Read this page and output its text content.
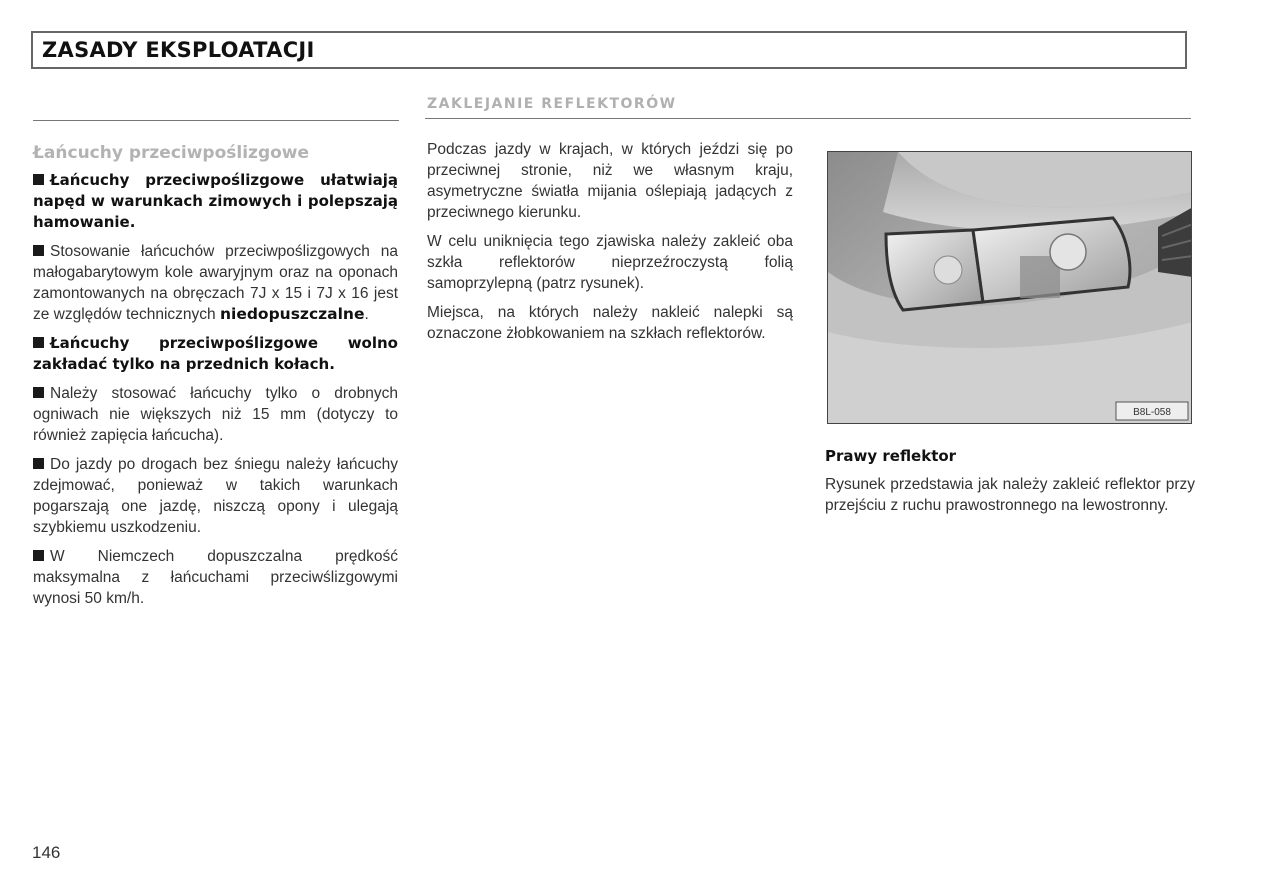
ZASADY EKSPLOATACJI
ZAKLEJANIE REFLEKTORÓW
Łańcuchy przeciwpoślizgowe

Łańcuchy przeciwpoślizgowe ułatwiają napęd w warunkach zimowych i polepszają hamowanie.

Stosowanie łańcuchów przeciwpoślizgowych na małogabarytowym kole awaryjnym oraz na oponach zamontowanych na obręczach 7J x 15 i 7J x 16 jest ze względów technicznych niedopuszczalne.

Łańcuchy przeciwpoślizgowe wolno zakładać tylko na przednich kołach.

Należy stosować łańcuchy tylko o drobnych ogniwach nie większych niż 15 mm (dotyczy to również zapięcia łańcucha).

Do jazdy po drogach bez śniegu należy łańcuchy zdejmować, ponieważ w takich warunkach pogarszają one jazdę, niszczą opony i ulegają szybkiemu uszkodzeniu.

W Niemczech dopuszczalna prędkość maksymalna z łańcuchami przeciwślizgowymi wynosi 50 km/h.

Podczas jazdy w krajach, w których jeździ się po przeciwnej stronie, niż we własnym kraju, asymetryczne światła mijania oślepiają jadących z przeciwnego kierunku.

W celu uniknięcia tego zjawiska należy zakleić oba szkła reflektorów nieprzeźroczystą folią samoprzylepną (patrz rysunek).

Miejsca, na których należy nakleić nalepki są oznaczone żłobkowaniem na szkłach reflektorów.

B8L-058
Prawy reflektor
Rysunek przedstawia jak należy zakleić reflektor przy przejściu z ruchu prawostronnego na lewostronny.
146
